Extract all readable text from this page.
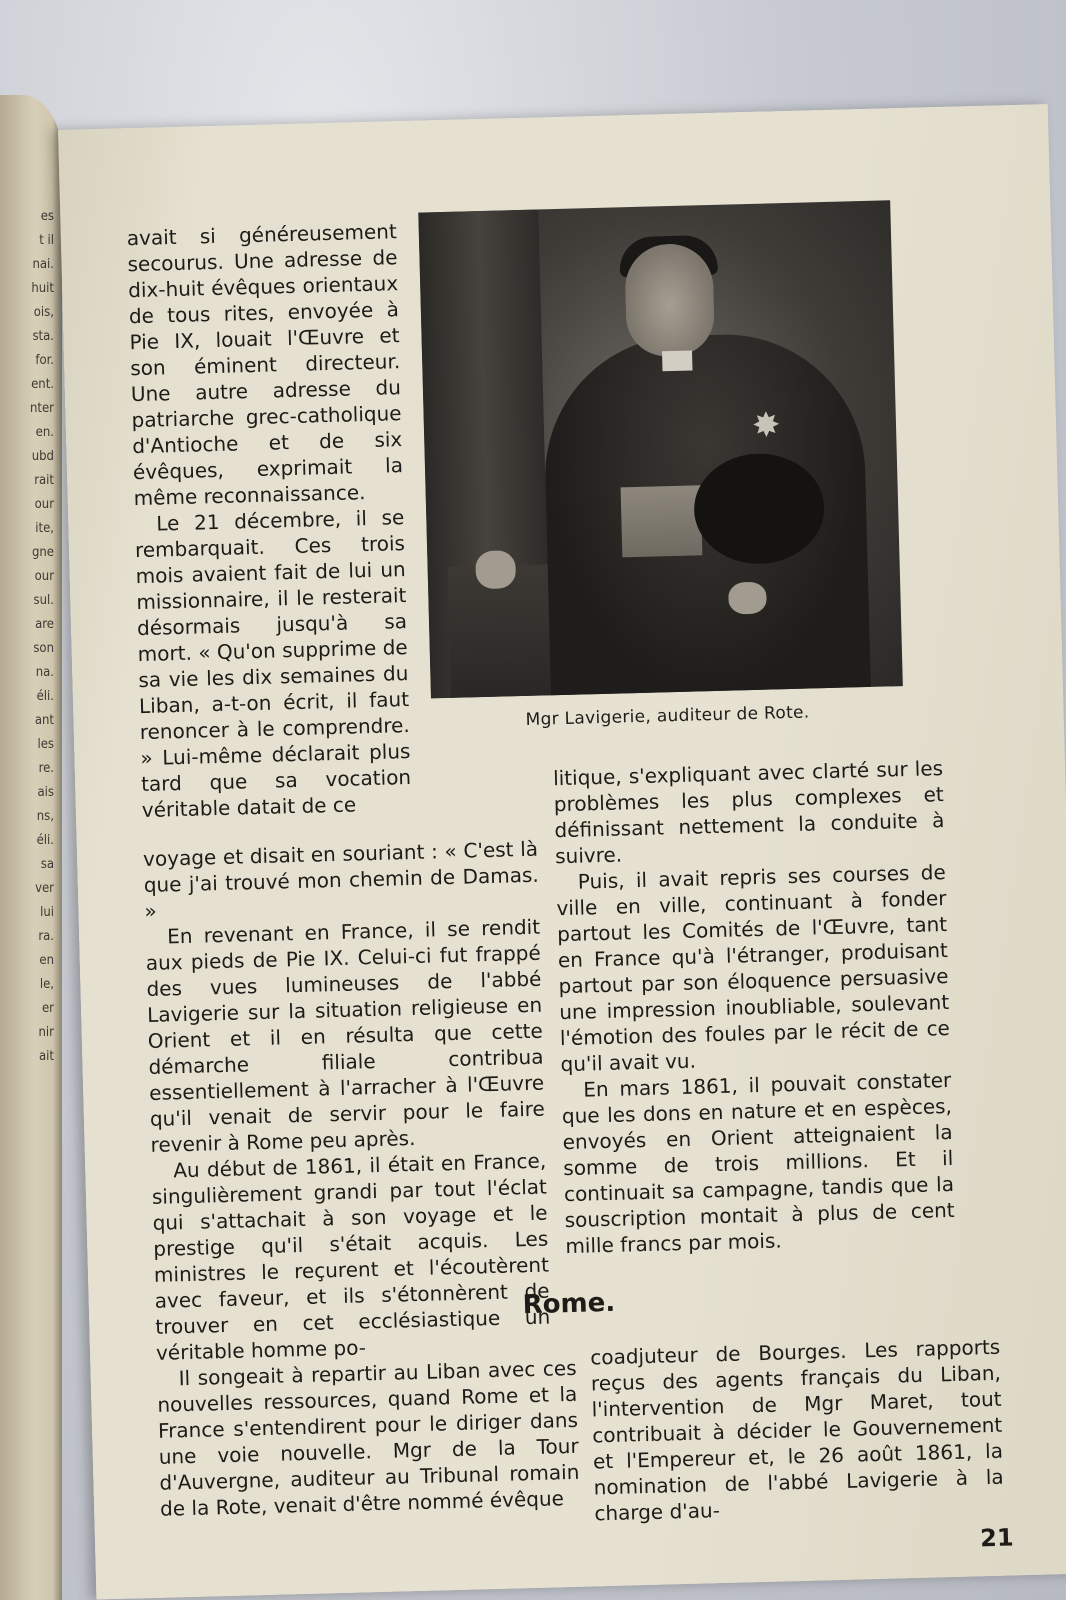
es
t il
nai.
huit
ois,
sta.
for.
ent.
nter
en.
ubd
rait
our
ite,
gne
our
sul.
are
son
na.
éli.
ant
les
re.
ais
ns,
éli.
sa
ver
lui
ra.
en
le,
er
nir
ait

avait si généreusement secourus. Une adresse de dix-huit évêques orientaux de tous rites, envoyée à Pie IX, louait l'Œuvre et son éminent directeur. Une autre adresse du patriarche grec-catholique d'Antioche et de six évêques, exprimait la même reconnaissance.

Le 21 décembre, il se rembarquait. Ces trois mois avaient fait de lui un missionnaire, il le resterait désormais jusqu'à sa mort. « Qu'on supprime de sa vie les dix semaines du Liban, a-t-on écrit, il faut renoncer à le comprendre. » Lui-même déclarait plus tard que sa vocation véritable datait de ce

✸
Mgr Lavigerie, auditeur de Rote.

voyage et disait en souriant : « C'est là que j'ai trouvé mon chemin de Damas. »

En revenant en France, il se rendit aux pieds de Pie IX. Celui-ci fut frappé des vues lumineuses de l'abbé Lavigerie sur la situation religieuse en Orient et il en résulta que cette démarche filiale contribua essentiellement à l'arracher à l'Œuvre qu'il venait de servir pour le faire revenir à Rome peu après.

Au début de 1861, il était en France, singulièrement grandi par tout l'éclat qui s'attachait à son voyage et le prestige qu'il s'était acquis. Les ministres le reçurent et l'écoutèrent avec faveur, et ils s'étonnèrent de trouver en cet ecclésiastique un véritable homme po-

litique, s'expliquant avec clarté sur les problèmes les plus complexes et définissant nettement la conduite à suivre.

Puis, il avait repris ses courses de ville en ville, continuant à fonder partout les Comités de l'Œuvre, tant en France qu'à l'étranger, produisant partout par son éloquence persuasive une impression inoubliable, soulevant l'émotion des foules par le récit de ce qu'il avait vu.

En mars 1861, il pouvait constater que les dons en nature et en espèces, envoyés en Orient atteignaient la somme de trois millions. Et il continuait sa campagne, tandis que la souscription montait à plus de cent mille francs par mois.

Rome.

Il songeait à repartir au Liban avec ces nouvelles ressources, quand Rome et la France s'entendirent pour le diriger dans une voie nouvelle. Mgr de la Tour d'Auvergne, auditeur au Tribunal romain de la Rote, venait d'être nommé évêque

coadjuteur de Bourges. Les rapports reçus des agents français du Liban, l'intervention de Mgr Maret, tout contribuait à décider le Gouvernement et l'Empereur et, le 26 août 1861, la nomination de l'abbé Lavigerie à la charge d'au-

21
